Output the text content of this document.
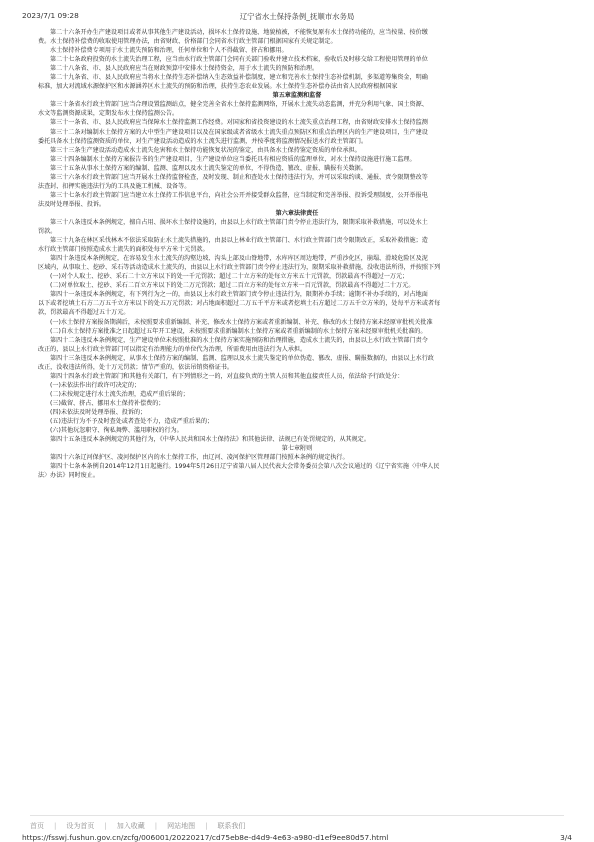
2023/7/1 09:28	辽宁省水土保持条例_抚顺市水务局

第二十六条开办生产建设项目或者从事其他生产建设活动，损坏水土保持设施、地貌植被，不能恢复原有水土保持功能的，应当按量、按价缴

费。水土保持补偿费的收取使用管理办法，由省财政、价格部门会同省水行政主管部门根据国家有关规定制定。

水土保持补偿费专项用于水土流失预防和治理，任何单位和个人不得截留、挤占和挪用。

第二十七条政府投资的水土流失治理工程，应当由水行政主管部门会同有关部门验收并建立技术档案，验收后及时移交给工程使用管理的单位

第二十八条省、市、县人民政府应当在财政预算中安排水土保持资金，用于水土流失的预防和治理。

第二十九条省、市、县人民政府应当将水土保持生态补偿纳入生态效益补偿制度，建立和完善水土保持生态补偿机制，多渠道筹集资金，明确

标准，加大对流域水源保护区和水源涵养区水土流失的预防和治理，扶持生态农业发展。水土保持生态补偿办法由省人民政府根据国家

第五章监测和监督

第三十条省水行政主管部门应当合理设置监测站点，健全完善全省水土保持监测网络，开展水土流失动态监测，并充分利用气象、国土资源、

水文等监测资源成果，定期发布水土保持监测公告。

第三十一条省、市、县人民政府应当保障水土保持监测工作经费。对国家和省投资建设的水土流失重点治理工程，由省财政安排水土保持监测

第三十二条对编制水土保持方案的大中型生产建设项目以及在国家级或者省级水土流失重点预防区和重点治理区内的生产建设项目，生产建设

委托具备水土保持监测资质的单位，对生产建设活动造成的水土流失进行监测，并按季度将监测情况报送水行政主管部门。

第三十三条生产建设活动造成水土流失危害和水土保持功能恢复状况的鉴定，由具备水土保持鉴定资质的单位承担。

第三十四条编制水土保持方案报告书的生产建设项目，生产建设单位应当委托具有相应资质的监理单位，对水土保持设施进行施工监理。

第三十五条从事水土保持方案的编制、监测、监理以及水土流失鉴定的单位，不得伪造、篡改、虚报、瞒报有关数据。

第三十六条水行政主管部门应当开展水土保持监督检查，及时发现、制止和查处水土保持违法行为，并可以采取约谈、通报、责令限期整改等

法查封、扣押实施违法行为的工具及施工机械、设备等。

第三十七条水行政主管部门应当建立水土保持工作信息平台，向社会公开并接受群众监督，应当制定和完善举报、投诉受理制度，公开举报电

法及时处理举报、投诉。

第六章法律责任

第三十八条违反本条例规定，擅自占用、损坏水土保持设施的，由县以上水行政主管部门责令停止违法行为，限期采取补救措施，可以处水土

罚款。

第三十九条在林区采伐林木不依法采取防止水土流失措施的，由县以上林业行政主管部门、水行政主管部门责令限期改正，采取补救措施；造

水行政主管部门按照造成水土流失的面积处每平方米十元罚款。

第四十条违反本条例规定，在容易发生水土流失的沟壑边坡、沟头上部及山脊地带，水库库区周边地带，严重沙化区，崩塌、滑坡危险区及泥

区域内，从事取土、挖砂、采石等活动造成水土流失的，由县以上水行政主管部门责令停止违法行为，限期采取补救措施，没收违法所得，并按照下列

(一)对个人取土、挖砂、采石二十立方米以下的处一千元罚款；超过二十立方米的处每立方米五十元罚款，罚款最高不得超过一万元；

(二)对单位取土、挖砂、采石二百立方米以下的处二万元罚款；超过二百立方米的处每立方米一百元罚款，罚款最高不得超过二十万元。

第四十一条违反本条例规定，有下列行为之一的，由县以上水行政主管部门责令停止违法行为，限期补办手续；逾期不补办手续的，对占地面

以下或者挖填土石方二万五千立方米以下的处五万元罚款；对占地面积超过二万五千平方米或者挖填土石方超过二万五千立方米的，处每平方米或者每

款，罚款最高不得超过五十万元。

(一)水土保持方案报备期满后，未按照要求重新编制、补充、修改水土保持方案或者重新编制、补充、修改的水土保持方案未经原审批机关批准

(二)自水土保持方案批准之日起超过五年开工建设，未按照要求重新编制水土保持方案或者重新编制的水土保持方案未经原审批机关批准的。

第四十二条违反本条例规定，生产建设单位未按照批准的水土保持方案实施预防和治理措施，造成水土流失的，由县以上水行政主管部门责令

改正的，县以上水行政主管部门可以指定有治理能力的单位代为治理，所需费用由违法行为人承担。

第四十三条违反本条例规定，从事水土保持方案的编制、监测、监理以及水土流失鉴定的单位伪造、篡改、虚报、瞒报数据的，由县以上水行政

改正，没收违法所得，处十万元罚款；情节严重的，依法吊销资格证书。

第四十四条水行政主管部门和其他有关部门，有下列情形之一的，对直接负责的主管人员和其他直接责任人员，依法给予行政处分：

(一)未依法作出行政许可决定的；

(二)未按规定进行水土流失治理，造成严重后果的；

(三)截留、挤占、挪用水土保持补偿费的；

(四)未依法及时处理举报、投诉的；

(五)违法行为不予及时查处或者查处不力，造成严重后果的；

(六)其他玩忽职守、徇私舞弊、滥用职权的行为。

第四十五条违反本条例规定的其他行为，《中华人民共和国水土保持法》和其他法律、法规已有处罚规定的，从其规定。

第七章附则

第四十六条辽河保护区、凌河保护区内的水土保持工作，由辽河、凌河保护区管理部门按照本条例的规定执行。

第四十七条本条例自2014年12月1日起施行。1994年5月26日辽宁省第八届人民代表大会常务委员会第八次会议通过的《辽宁省实施〈中华人民

法〉办法》同时废止。

首页 | 设为首页 | 加入收藏 | 网站地图 | 联系我们
https://fsswj.fushun.gov.cn/zcfg/006001/20220217/cd75eb8e-d4d9-4e63-a980-d1ef9ee80d57.html	3/4
